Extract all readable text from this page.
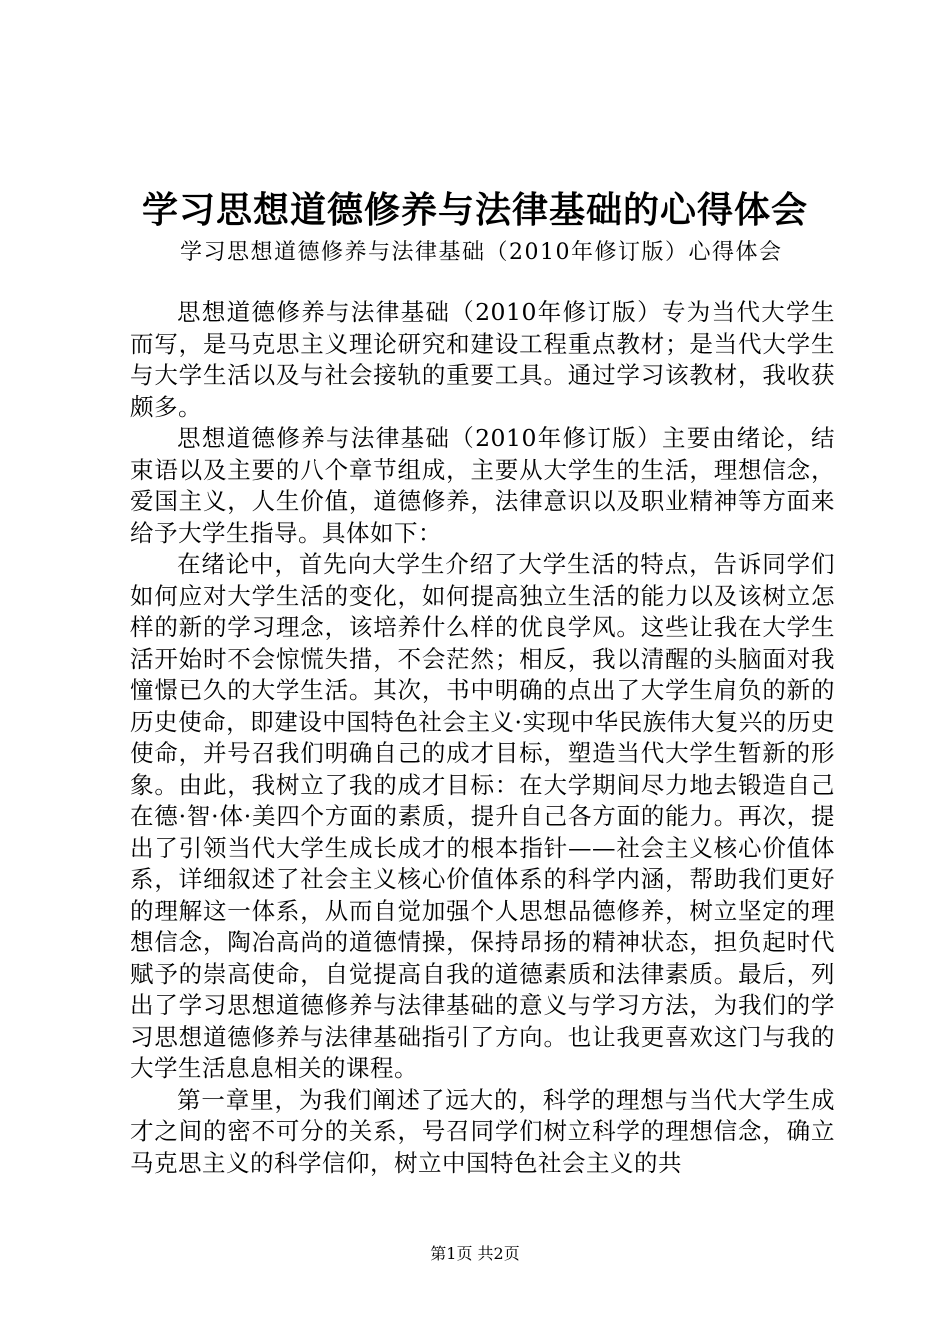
学习思想道德修养与法律基础的心得体会

学习思想道德修养与法律基础（2010年修订版）心得体会

思想道德修养与法律基础（2010年修订版）专为当代大学生而写，是马克思主义理论研究和建设工程重点教材；是当代大学生与大学生活以及与社会接轨的重要工具。通过学习该教材，我收获颇多。

思想道德修养与法律基础（2010年修订版）主要由绪论，结束语以及主要的八个章节组成，主要从大学生的生活，理想信念，爱国主义，人生价值，道德修养，法律意识以及职业精神等方面来给予大学生指导。具体如下：

在绪论中，首先向大学生介绍了大学生活的特点，告诉同学们如何应对大学生活的变化，如何提高独立生活的能力以及该树立怎样的新的学习理念，该培养什么样的优良学风。这些让我在大学生活开始时不会惊慌失措，不会茫然；相反，我以清醒的头脑面对我憧憬已久的大学生活。其次，书中明确的点出了大学生肩负的新的历史使命，即建设中国特色社会主义·实现中华民族伟大复兴的历史使命，并号召我们明确自己的成才目标，塑造当代大学生暂新的形象。由此，我树立了我的成才目标：在大学期间尽力地去锻造自己在德·智·体·美四个方面的素质，提升自己各方面的能力。再次，提出了引领当代大学生成长成才的根本指针——社会主义核心价值体系，详细叙述了社会主义核心价值体系的科学内涵，帮助我们更好的理解这一体系，从而自觉加强个人思想品德修养，树立坚定的理想信念，陶冶高尚的道德情操，保持昂扬的精神状态，担负起时代赋予的崇高使命，自觉提高自我的道德素质和法律素质。最后，列出了学习思想道德修养与法律基础的意义与学习方法，为我们的学习思想道德修养与法律基础指引了方向。也让我更喜欢这门与我的大学生活息息相关的课程。

第一章里，为我们阐述了远大的，科学的理想与当代大学生成才之间的密不可分的关系，号召同学们树立科学的理想信念，确立马克思主义的科学信仰，树立中国特色社会主义的共

第1页 共2页
